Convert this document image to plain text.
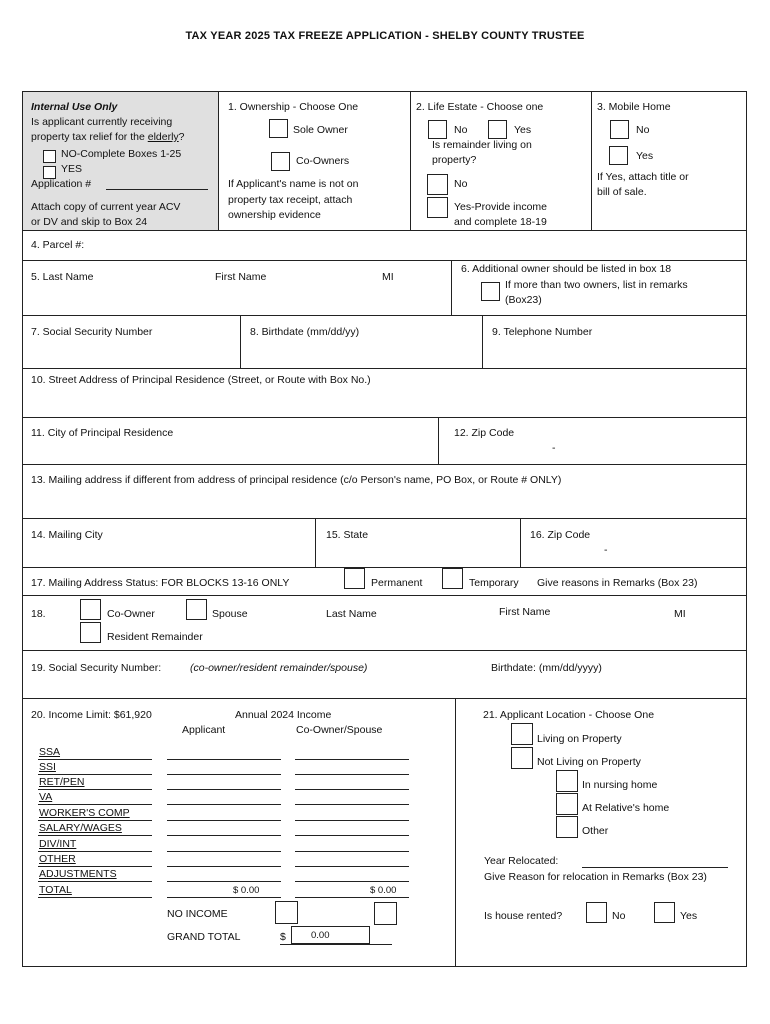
TAX YEAR 2025 TAX FREEZE APPLICATION - SHELBY COUNTY TRUSTEE
Internal Use Only
Is applicant currently receiving
property tax relief for the elderly?
NO-Complete Boxes 1-25
YES
Application #
Attach copy of current year ACV
or DV and skip to Box 24
1. Ownership - Choose One
Sole Owner
Co-Owners
If Applicant's name is not on
property tax receipt, attach
ownership evidence
2. Life Estate - Choose one
No	Yes
Is remainder living on
property?
No
Yes-Provide income
and complete 18-19
3. Mobile Home
No
Yes
If Yes, attach title or
bill of sale.
4. Parcel #:
5. Last Name	First Name	MI
6. Additional owner should be listed in box 18
If more than two owners, list in remarks
(Box23)
7. Social Security Number	8. Birthdate (mm/dd/yy)	9. Telephone Number
10. Street Address of Principal Residence (Street, or Route with Box No.)
11. City of Principal Residence	12. Zip Code
-
13. Mailing address if different from address of principal residence (c/o Person's name, PO Box, or Route # ONLY)
14. Mailing City	15. State	16. Zip Code
-
17. Mailing Address Status: FOR BLOCKS 13-16 ONLY	Permanent	Temporary Give reasons in Remarks (Box 23)
18.	Co-Owner	Spouse	Last Name	First Name	MI
Resident Remainder
19. Social Security Number:	(co-owner/resident remainder/spouse)	Birthdate: (mm/dd/yyyy)
20. Income Limit: $61,920	Annual 2024 Income
Applicant	Co-Owner/Spouse
SSA
SSI
RET/PEN
VA
WORKER'S COMP
SALARY/WAGES
DIV/INT
OTHER
ADJUSTMENTS
TOTAL	$ 0.00	$ 0.00
NO INCOME
GRAND TOTAL	$	0.00
21. Applicant Location - Choose One
Living on Property
Not Living on Property
In nursing home
At Relative's home
Other
Year Relocated:
Give Reason for relocation in Remarks (Box 23)
Is house rented?	No	Yes
